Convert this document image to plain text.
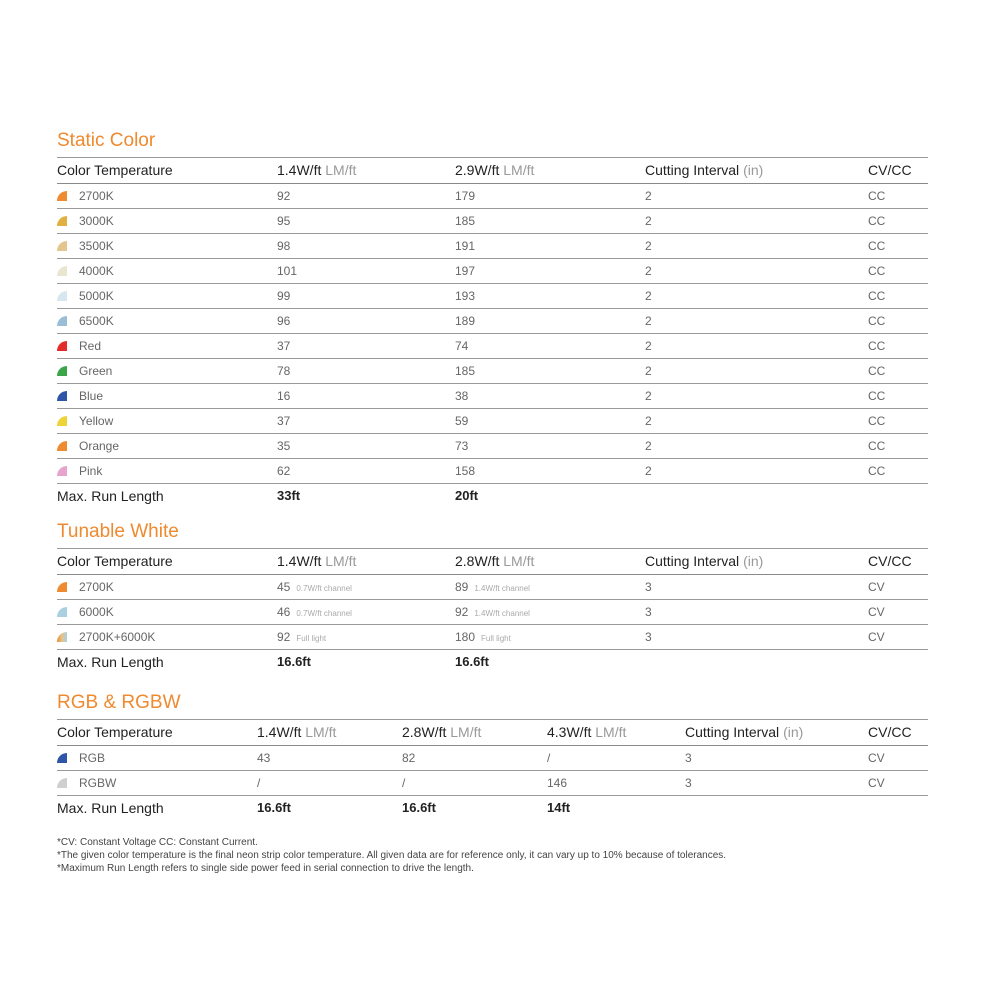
Static Color
Color Temperature	1.4W/ft LM/ft	2.9W/ft LM/ft	Cutting Interval (in)	CV/CC
2700K	92	179	2	CC
3000K	95	185	2	CC
3500K	98	191	2	CC
4000K	101	197	2	CC
5000K	99	193	2	CC
6500K	96	189	2	CC
Red	37	74	2	CC
Green	78	185	2	CC
Blue	16	38	2	CC
Yellow	37	59	2	CC
Orange	35	73	2	CC
Pink	62	158	2	CC
Max. Run Length	33ft	20ft
Tunable White
Color Temperature	1.4W/ft LM/ft	2.8W/ft LM/ft	Cutting Interval (in)	CV/CC
2700K	45 0.7W/ft channel	89 1.4W/ft channel	3	CV
6000K	46 0.7W/ft channel	92 1.4W/ft channel	3	CV
2700K+6000K	92 Full light	180 Full light	3	CV
Max. Run Length	16.6ft	16.6ft
RGB & RGBW
Color Temperature	1.4W/ft LM/ft	2.8W/ft LM/ft	4.3W/ft LM/ft	Cutting Interval (in)	CV/CC
RGB	43	82	/	3	CV
RGBW	/	/	146	3	CV
Max. Run Length	16.6ft	16.6ft	14ft
*CV: Constant Voltage CC: Constant Current.
*The given color temperature is the final neon strip color temperature. All given data are for reference only, it can vary up to 10% because of tolerances.
*Maximum Run Length refers to single side power feed in serial connection to drive the length.
